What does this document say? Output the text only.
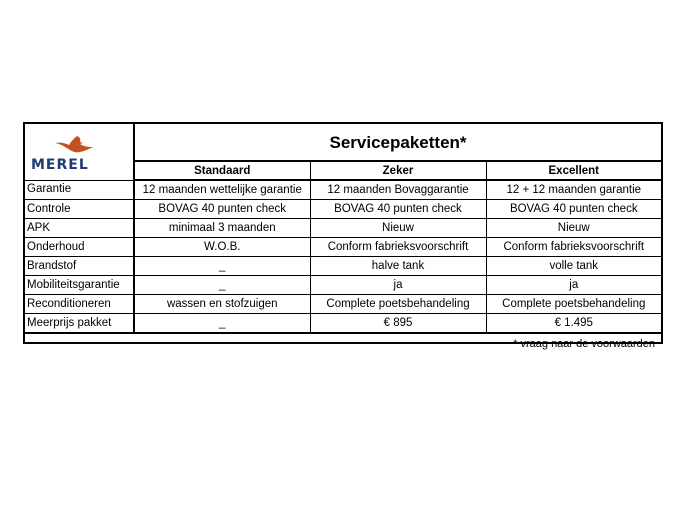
MEREL	Servicepaketten*		
	Standaard	Zeker	Excellent
Garantie	12 maanden wettelijke garantie	12 maanden Bovaggarantie	12 + 12 maanden garantie
Controle	BOVAG 40 punten check	BOVAG 40 punten check	BOVAG 40 punten check
APK	minimaal 3 maanden	Nieuw	Nieuw
Onderhoud	W.O.B.	Conform fabrieksvoorschrift	Conform fabrieksvoorschrift
Brandstof	_	halve tank	volle tank
Mobiliteitsgarantie	_	ja	ja
Reconditioneren	wassen en stofzuigen	Complete poetsbehandeling	Complete poetsbehandeling
Meerprijs pakket	_	€ 895	€ 1.495
* vraag naar de voorwaarden			
